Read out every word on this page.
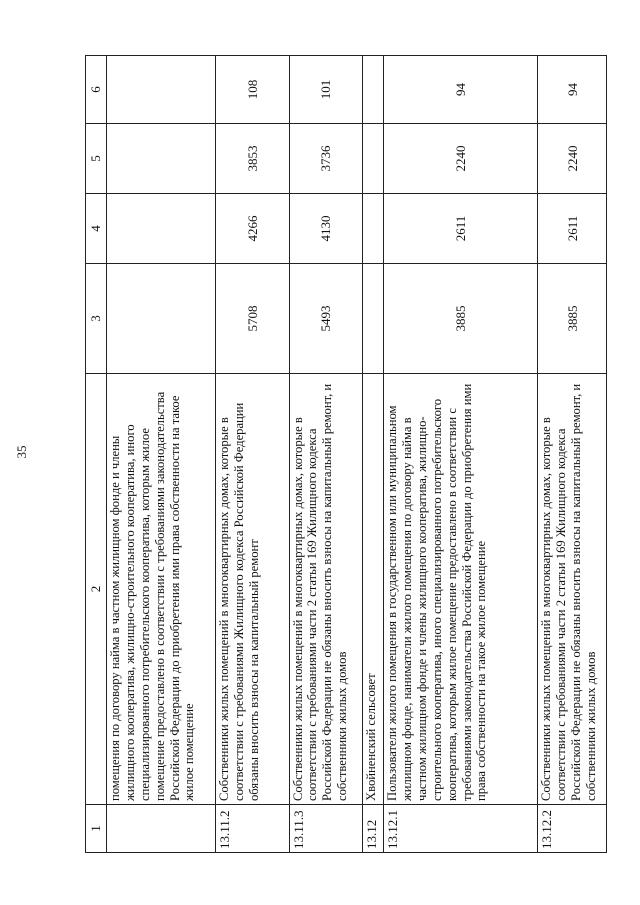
35
1	2	3	4	5	6
	помещения по договору найма в частном жилищном фонде и члены жилищного кооператива, жилищно-строительного кооператива, иного специализированного потребительского кооператива, которым жилое помещение предоставлено в соответствии с требованиями законодательства Российской Федерации до приобретения ими права собственности на такое жилое помещение				
13.11.2	Собственники жилых помещений в многоквартирных домах, которые в соответствии с требованиями Жилищного кодекса Российской Федерации обязаны вносить взносы на капитальный ремонт	5708	4266	3853	108
13.11.3	Собственники жилых помещений в многоквартирных домах, которые в соответствии с требованиями части 2 статьи 169 Жилищного кодекса Российской Федерации не обязаны вносить взносы на капитальный ремонт, и собственники жилых домов	5493	4130	3736	101
13.12	Хвойненский сельсовет				
13.12.1	Пользователи жилого помещения в государственном или муниципальном жилищном фонде, наниматели жилого помещения по договору найма в частном жилищном фонде и члены жилищного кооператива, жилищно-строительного кооператива, иного специализированного потребительского кооператива, которым жилое помещение предоставлено в соответствии с требованиями законодательства Российской Федерации до приобретения ими права собственности на такое жилое помещение	3885	2611	2240	94
13.12.2	Собственники жилых помещений в многоквартирных домах, которые в соответствии с требованиями части 2 статьи 169 Жилищного кодекса Российской Федерации не обязаны вносить взносы на капитальный ремонт, и собственники жилых домов	3885	2611	2240	94
